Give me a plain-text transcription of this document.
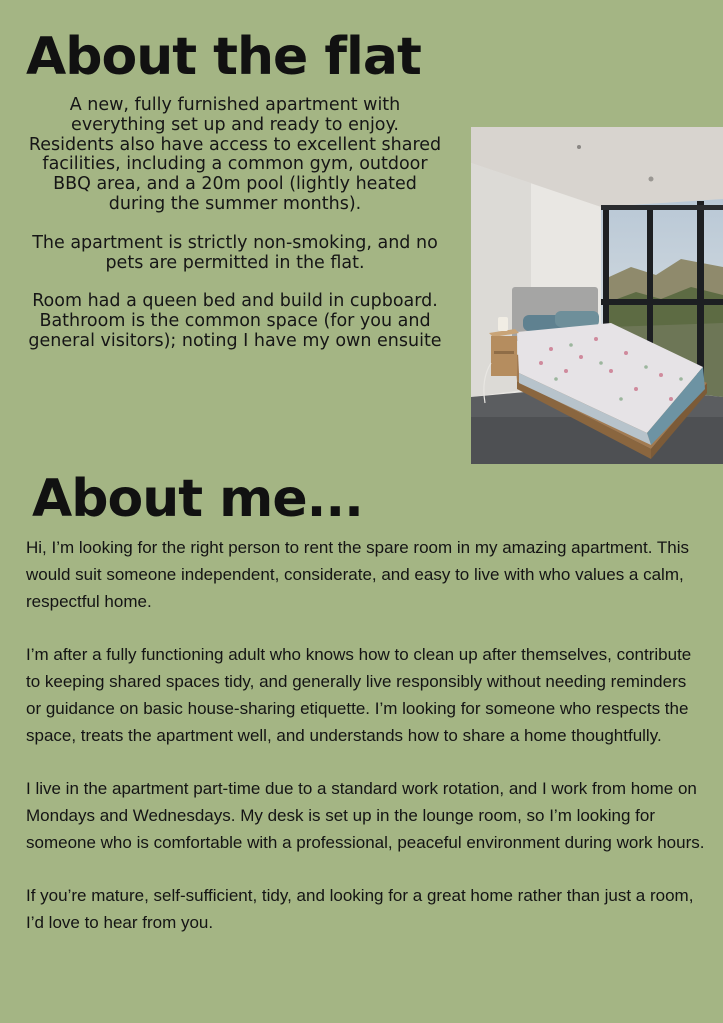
About the flat

A new, fully furnished apartment with everything set up and ready to enjoy. Residents also have access to excellent shared facilities, including a common gym, outdoor BBQ area, and a 20m pool (lightly heated during the summer months).

The apartment is strictly non-smoking, and no pets are permitted in the flat.

Room had a queen bed and build in cupboard. Bathroom is the common space (for you and general visitors); noting I have my own ensuite

About me...

Hi, I’m looking for the right person to rent the spare room in my amazing apartment. This would suit someone independent, considerate, and easy to live with who values a calm, respectful home.

I’m after a fully functioning adult who knows how to clean up after themselves, contribute to keeping shared spaces tidy, and generally live responsibly without needing reminders or guidance on basic house-sharing etiquette. I’m looking for someone who respects the space, treats the apartment well, and understands how to share a home thoughtfully.

I live in the apartment part-time due to a standard work rotation, and I work from home on Mondays and Wednesdays. My desk is set up in the lounge room, so I’m looking for someone who is comfortable with a professional, peaceful environment during work hours.

If you’re mature, self-sufficient, tidy, and looking for a great home rather than just a room, I’d love to hear from you.
